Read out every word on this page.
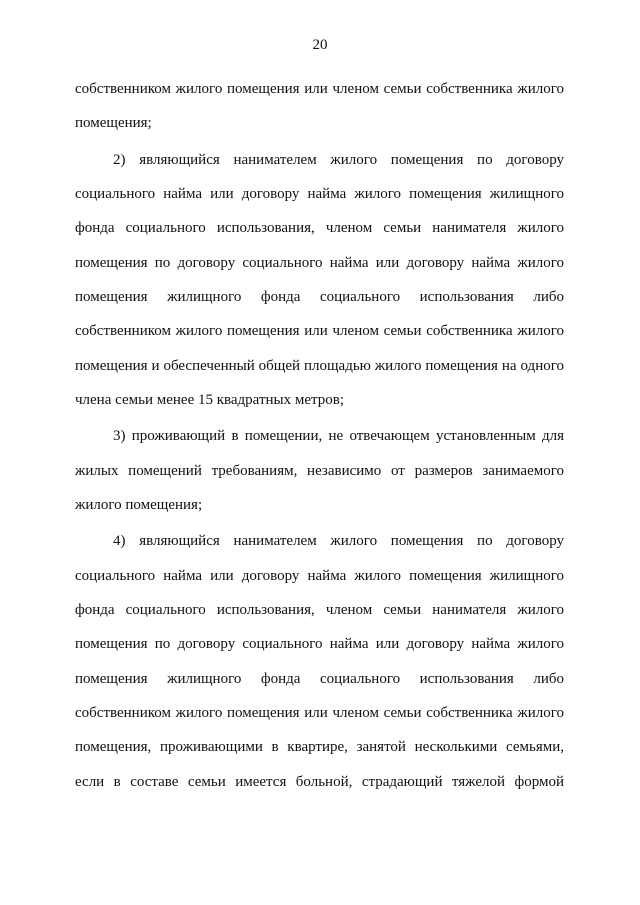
20

собственником жилого помещения или членом семьи собственника жилого помещения;

2) являющийся нанимателем жилого помещения по договору социального найма или договору найма жилого помещения жилищного фонда социального использования, членом семьи нанимателя жилого помещения по договору социального найма или договору найма жилого помещения жилищного фонда социального использования либо собственником жилого помещения или членом семьи собственника жилого помещения и обеспеченный общей площадью жилого помещения на одного члена семьи менее 15 квадратных метров;

3) проживающий в помещении, не отвечающем установленным для жилых помещений требованиям, независимо от размеров занимаемого жилого помещения;

4) являющийся нанимателем жилого помещения по договору социального найма или договору найма жилого помещения жилищного фонда социального использования, членом семьи нанимателя жилого помещения по договору социального найма или договору найма жилого помещения жилищного фонда социального использования либо собственником жилого помещения или членом семьи собственника жилого помещения, проживающими в квартире, занятой несколькими семьями, если в составе семьи имеется больной, страдающий тяжелой формой
